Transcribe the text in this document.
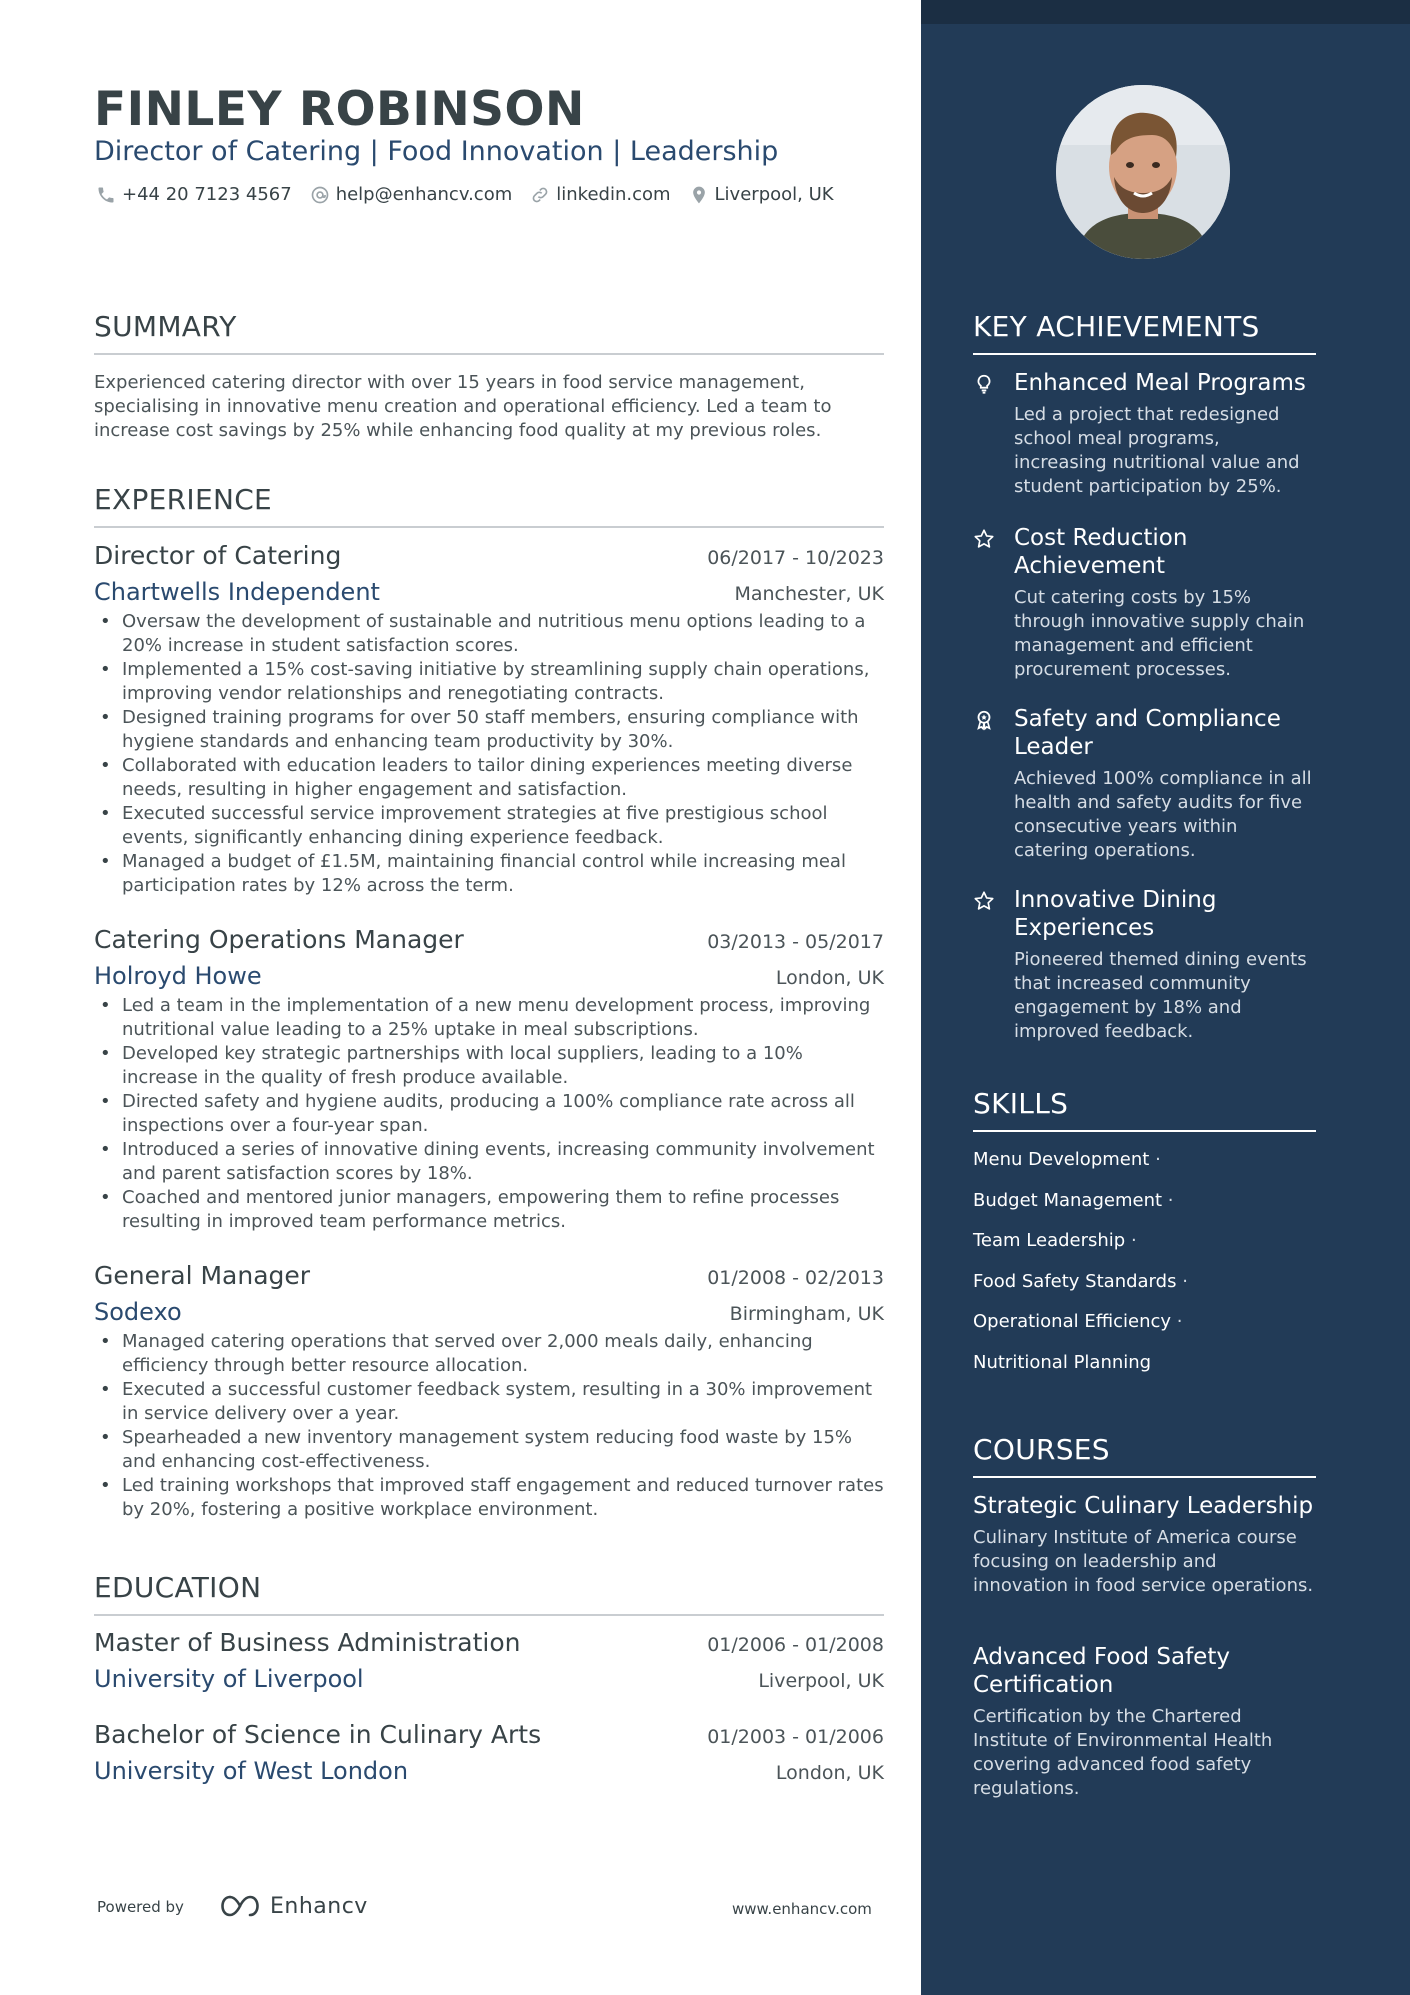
FINLEY ROBINSON
Director of Catering | Food Innovation | Leadership
+44 20 7123 4567 help@enhancv.com linkedin.com Liverpool, UK
SUMMARY
Experienced catering director with over 15 years in food service management, specialising in innovative menu creation and operational efficiency. Led a team to increase cost savings by 25% while enhancing food quality at my previous roles.
EXPERIENCE
Director of Catering	06/2017 - 10/2023
Chartwells Independent	Manchester, UK
• Oversaw the development of sustainable and nutritious menu options leading to a 20% increase in student satisfaction scores.
• Implemented a 15% cost-saving initiative by streamlining supply chain operations, improving vendor relationships and renegotiating contracts.
• Designed training programs for over 50 staff members, ensuring compliance with hygiene standards and enhancing team productivity by 30%.
• Collaborated with education leaders to tailor dining experiences meeting diverse needs, resulting in higher engagement and satisfaction.
• Executed successful service improvement strategies at five prestigious school events, significantly enhancing dining experience feedback.
• Managed a budget of £1.5M, maintaining financial control while increasing meal participation rates by 12% across the term.
Catering Operations Manager	03/2013 - 05/2017
Holroyd Howe	London, UK
• Led a team in the implementation of a new menu development process, improving nutritional value leading to a 25% uptake in meal subscriptions.
• Developed key strategic partnerships with local suppliers, leading to a 10% increase in the quality of fresh produce available.
• Directed safety and hygiene audits, producing a 100% compliance rate across all inspections over a four-year span.
• Introduced a series of innovative dining events, increasing community involvement and parent satisfaction scores by 18%.
• Coached and mentored junior managers, empowering them to refine processes resulting in improved team performance metrics.
General Manager	01/2008 - 02/2013
Sodexo	Birmingham, UK
• Managed catering operations that served over 2,000 meals daily, enhancing efficiency through better resource allocation.
• Executed a successful customer feedback system, resulting in a 30% improvement in service delivery over a year.
• Spearheaded a new inventory management system reducing food waste by 15% and enhancing cost-effectiveness.
• Led training workshops that improved staff engagement and reduced turnover rates by 20%, fostering a positive workplace environment.
EDUCATION
Master of Business Administration	01/2006 - 01/2008
University of Liverpool	Liverpool, UK
Bachelor of Science in Culinary Arts	01/2003 - 01/2006
University of West London	London, UK
Powered by	Enhancv	www.enhancv.com
KEY ACHIEVEMENTS
Enhanced Meal Programs
Led a project that redesigned school meal programs, increasing nutritional value and student participation by 25%.
Cost Reduction Achievement
Cut catering costs by 15% through innovative supply chain management and efficient procurement processes.
Safety and Compliance Leader
Achieved 100% compliance in all health and safety audits for five consecutive years within catering operations.
Innovative Dining Experiences
Pioneered themed dining events that increased community engagement by 18% and improved feedback.
SKILLS
Menu Development ·
Budget Management ·
Team Leadership ·
Food Safety Standards ·
Operational Efficiency ·
Nutritional Planning
COURSES
Strategic Culinary Leadership
Culinary Institute of America course focusing on leadership and innovation in food service operations.
Advanced Food Safety Certification
Certification by the Chartered Institute of Environmental Health covering advanced food safety regulations.
